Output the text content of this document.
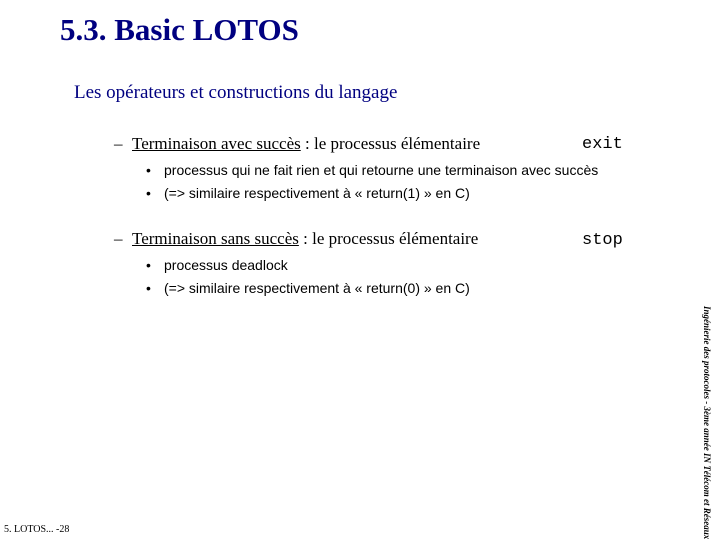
5.3. Basic LOTOS
Les opérateurs et constructions du langage
– Terminaison avec succès : le processus élémentaire	exit
• processus qui ne fait rien et qui retourne une terminaison avec succès
• (=> similaire respectivement à « return(1) » en C)
– Terminaison sans succès : le processus élémentaire	stop
• processus deadlock
• (=> similaire respectivement à « return(0) » en C)
Ingénierie des protocoles - 3ème année IN Télécom et Réseaux
5. LOTOS... -28
